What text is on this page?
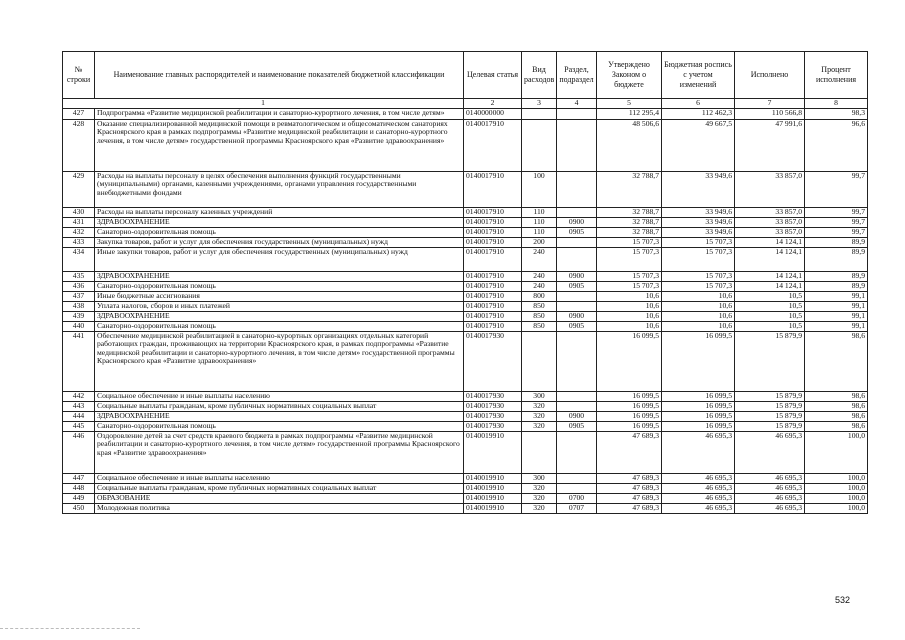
№ строки	Наименование главных распорядителей и наименование показателей бюджетной классификации	Целевая статья	Вид расходов	Раздел, подраздел	Утверждено Законом о бюджете	Бюджетная роспись с учетом изменений	Исполнено	Процент исполнения
1		2	3	4	5	6	7	8
427	Подпрограмма «Развитие медицинской реабилитации и санаторно-курортного лечения, в том числе детям»	0140000000			112 295,4	112 462,3	110 566,8	98,3
428	Оказание специализированной медицинской помощи в ревматологическом и общесоматическом санаториях Красноярского края в рамках подпрограммы «Развитие медицинской реабилитации и санаторно-курортного лечения, в том числе детям» государственной программы Красноярского края «Развитие здравоохранения»	0140017910			48 506,6	49 667,5	47 991,6	96,6
429	Расходы на выплаты персоналу в целях обеспечения выполнения функций государственными (муниципальными) органами, казенными учреждениями, органами управления государственными внебюджетными фондами	0140017910	100		32 788,7	33 949,6	33 857,0	99,7
430	Расходы на выплаты персоналу казенных учреждений	0140017910	110		32 788,7	33 949,6	33 857,0	99,7
431	ЗДРАВООХРАНЕНИЕ	0140017910	110	0900	32 788,7	33 949,6	33 857,0	99,7
432	Санаторно-оздоровительная помощь	0140017910	110	0905	32 788,7	33 949,6	33 857,0	99,7
433	Закупка товаров, работ и услуг для обеспечения государственных (муниципальных) нужд	0140017910	200		15 707,3	15 707,3	14 124,1	89,9
434	Иные закупки товаров, работ и услуг для обеспечения государственных (муниципальных) нужд	0140017910	240		15 707,3	15 707,3	14 124,1	89,9
435	ЗДРАВООХРАНЕНИЕ	0140017910	240	0900	15 707,3	15 707,3	14 124,1	89,9
436	Санаторно-оздоровительная помощь	0140017910	240	0905	15 707,3	15 707,3	14 124,1	89,9
437	Иные бюджетные ассигнования	0140017910	800		10,6	10,6	10,5	99,1
438	Уплата налогов, сборов и иных платежей	0140017910	850		10,6	10,6	10,5	99,1
439	ЗДРАВООХРАНЕНИЕ	0140017910	850	0900	10,6	10,6	10,5	99,1
440	Санаторно-оздоровительная помощь	0140017910	850	0905	10,6	10,6	10,5	99,1
441	Обеспечение медицинской реабилитацией в санаторно-курортных организациях отдельных категорий работающих граждан, проживающих на территории Красноярского края, в рамках подпрограммы «Развитие медицинской реабилитации и санаторно-курортного лечения, в том числе детям» государственной программы Красноярского края «Развитие здравоохранения»	0140017930			16 099,5	16 099,5	15 879,9	98,6
442	Социальное обеспечение и иные выплаты населению	0140017930	300		16 099,5	16 099,5	15 879,9	98,6
443	Социальные выплаты гражданам, кроме публичных нормативных социальных выплат	0140017930	320		16 099,5	16 099,5	15 879,9	98,6
444	ЗДРАВООХРАНЕНИЕ	0140017930	320	0900	16 099,5	16 099,5	15 879,9	98,6
445	Санаторно-оздоровительная помощь	0140017930	320	0905	16 099,5	16 099,5	15 879,9	98,6
446	Оздоровление детей за счет средств краевого бюджета в рамках подпрограммы «Развитие медицинской реабилитации и санаторно-курортного лечения, в том числе детям» государственной программы Красноярского края «Развитие здравоохранения»	0140019910			47 689,3	46 695,3	46 695,3	100,0
447	Социальное обеспечение и иные выплаты населению	0140019910	300		47 689,3	46 695,3	46 695,3	100,0
448	Социальные выплаты гражданам, кроме публичных нормативных социальных выплат	0140019910	320		47 689,3	46 695,3	46 695,3	100,0
449	ОБРАЗОВАНИЕ	0140019910	320	0700	47 689,3	46 695,3	46 695,3	100,0
450	Молодежная политика	0140019910	320	0707	47 689,3	46 695,3	46 695,3	100,0
532
